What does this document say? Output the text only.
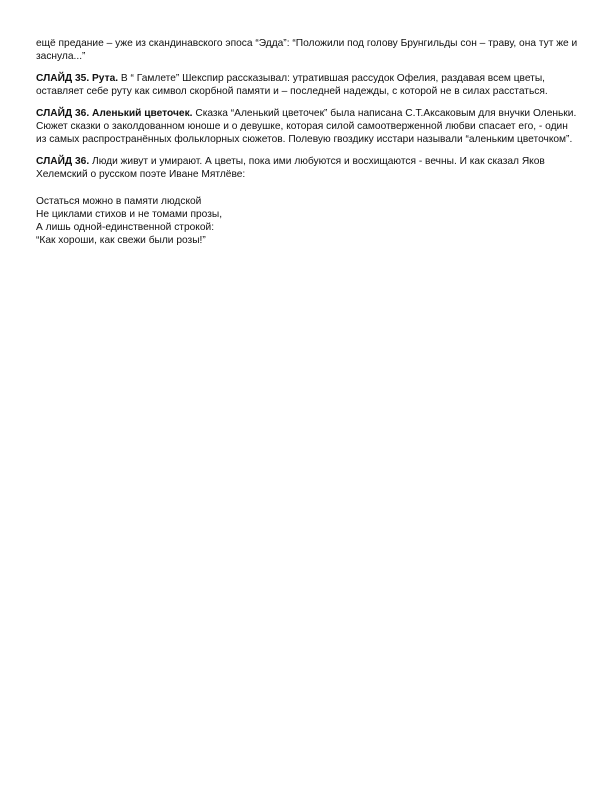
ещё предание – уже из скандинавского эпоса “Эдда”: “Положили под голову Брунгильды сон – траву, она тут же и заснула...”

СЛАЙД 35. Рута. В “ Гамлете” Шекспир рассказывал: утратившая рассудок Офелия, раздавая всем цветы, оставляет себе руту как символ скорбной памяти и – последней надежды, с которой не в силах расстаться.

СЛАЙД 36. Аленький цветочек. Сказка “Аленький цветочек” была написана С.Т.Аксаковым для внучки Оленьки. Сюжет сказки о заколдованном юноше и о девушке, которая силой самоотверженной любви спасает его, - один из самых распространённых фольклорных сюжетов. Полевую гвоздику исстари называли “аленьким цветочком”.

СЛАЙД 36. Люди живут и умирают. А цветы, пока ими любуются и восхищаются - вечны. И как сказал Яков Хелемский о русском поэте Иване Мятлёве:

Остаться можно в памяти людской
Не циклами стихов и не томами прозы,
А лишь одной-единственной строкой:
“Как хороши, как свежи были розы!”
